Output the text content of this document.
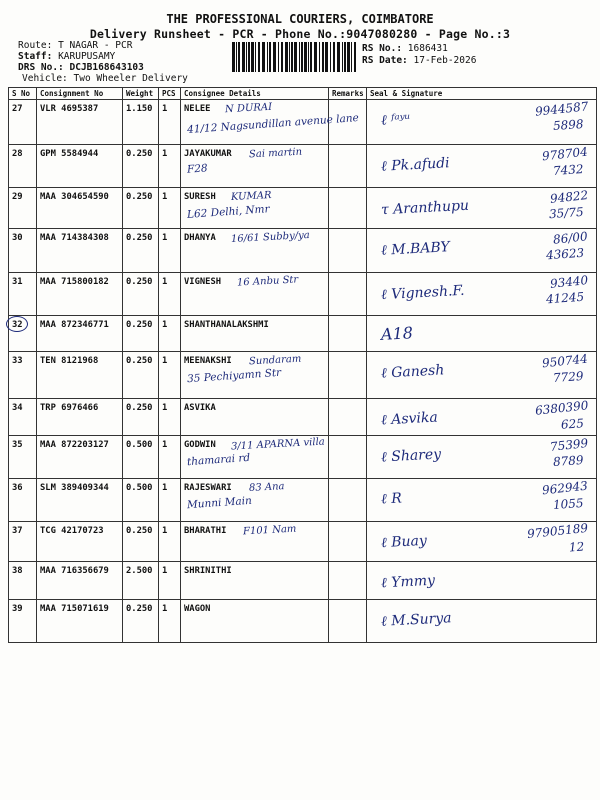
THE PROFESSIONAL COURIERS, COIMBATORE
Delivery Runsheet - PCR - Phone No.:9047080280 - Page No.:3
Route: T NAGAR - PCR
Staff: KARUPUSAMY
DRS No.: DCJB168643103
Vehicle: Two Wheeler Delivery
RS No.: 1686431
RS Date: 17-Feb-2026
S No	Consignment No	Weight	PCS	Consignee Details	Remarks	Seal & Signature
27	VLR 4695387	1.150	1	NELEE N DURAI
41/12 Nagsundillan avenue lane		ℓ ᶠᵃʸᵘ
9944587
5898

28	GPM 5584944	0.250	1	JAYAKUMAR Sai martin
F28		ℓ Pk.afudi
978704
7432

29	MAA 304654590	0.250	1	SURESH KUMAR
L62 Delhi, Nmr		τ Aranthupu
94822
35/75

30	MAA 714384308	0.250	1	DHANYA 16/61 Subby/ya		ℓ M.BABY
86/00
43623

31	MAA 715800182	0.250	1	VIGNESH 16 Anbu Str		ℓ Vignesh.F.
93440
41245

32	MAA 872346771	0.250	1	SHANTHANALAKSHMI		A18

33	TEN 8121968	0.250	1	MEENAKSHI Sundaram
35 Pechiyamn Str		ℓ Ganesh
950744
7729

34	TRP 6976466	0.250	1	ASVIKA		ℓ Asvika
6380390
625

35	MAA 872203127	0.500	1	GODWIN 3/11 APARNA villa
thamarai rd		ℓ Sharey
75399
8789

36	SLM 389409344	0.500	1	RAJESWARI 83 Ana
Munni Main		ℓ R
962943
1055

37	TCG 42170723	0.250	1	BHARATHI F101 Nam		ℓ Buay
97905189
12

38	MAA 716356679	2.500	1	SHRINITHI		ℓ Ymmy

39	MAA 715071619	0.250	1	WAGON		ℓ M.Surya
